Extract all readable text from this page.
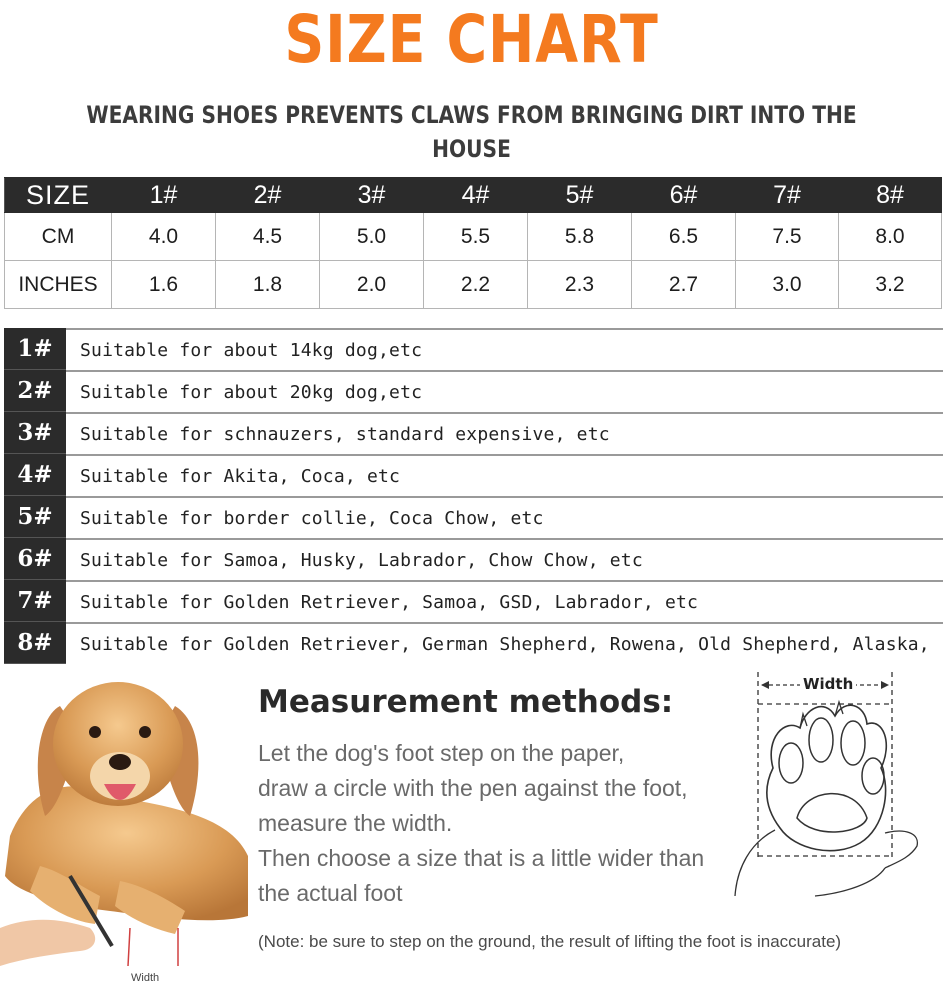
SIZE CHART
WEARING SHOES PREVENTS CLAWS FROM BRINGING DIRT INTO THE HOUSE
SIZE	1#	2#	3#	4#	5#	6#	7#	8#
CM	4.0	4.5	5.0	5.5	5.8	6.5	7.5	8.0
INCHES	1.6	1.8	2.0	2.2	2.3	2.7	3.0	3.2
1#	Suitable for about 14kg dog,etc
2#	Suitable for about 20kg dog,etc
3#	Suitable for schnauzers, standard expensive, etc
4#	Suitable for Akita, Coca, etc
5#	Suitable for border collie, Coca Chow, etc
6#	Suitable for Samoa, Husky, Labrador, Chow Chow, etc
7#	Suitable for Golden Retriever, Samoa, GSD, Labrador, etc
8#	Suitable for Golden Retriever, German Shepherd, Rowena, Old Shepherd, Alaska,
Width
Measurement methods:
Let the dog's foot step on the paper,
draw a circle with the pen against the foot,
measure the width.
Then choose a size that is a little wider than
the actual foot
(Note: be sure to step on the ground, the result of lifting the foot is inaccurate)
Width
